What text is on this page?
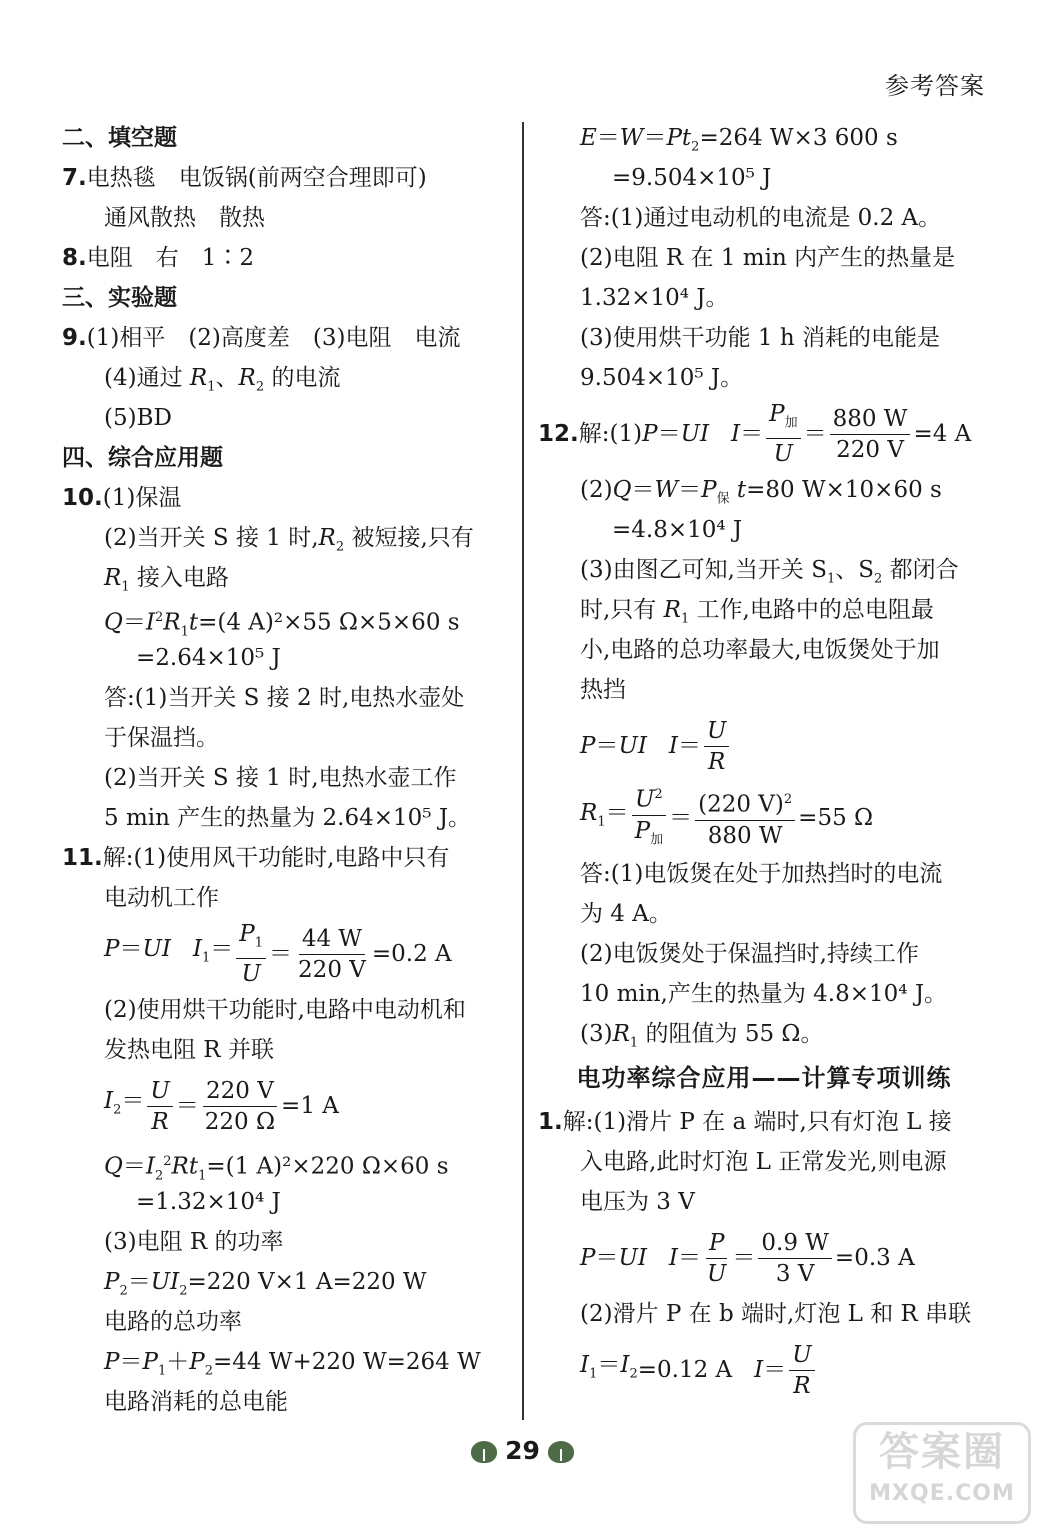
参考答案
二、填空题
7.电热毯　电饭锅(前两空合理即可)
通风散热　散热
8.电阻　右　1∶2
三、实验题
9.(1)相平　(2)高度差　(3)电阻　电流
(4)通过 $R_1$、$R_2$ 的电流
(5)BD
四、综合应用题
10.(1)保温
(2)当开关 S 接 1 时$,R_2$ 被短接,只有
$R_1$ 接入电路
$Q=I^2R_1t=(4$ A)²×55 Ω×5×60 s
=2.64×10⁵ J
答:(1)当开关 S 接 2 时,电热水壶处
于保温挡。
(2)当开关 S 接 1 时,电热水壶工作
5 min 产生的热量为 2.64×10⁵ J。
11.解:(1)使用风干功能时,电路中只有
电动机工作
P＝UI $I_1= \frac{P_1}{U} = \frac{44 W}{220 V} =0.2$ A
(2)使用烘干功能时,电路中电动机和
发热电阻 R 并联
$I_2= \frac{U}{R} = \frac{220 V}{220 \Omega} =1$ A
$Q=I_2^2Rt_1=(1$ A)²×220 Ω×60 s
=1.32×10⁴ J
(3)电阻 R 的功率
$P_2=UI_2=220$ V×1 A=220 W
电路的总功率
$P=P_1+P_2=44$ W+220 W=264 W
电路消耗的总电能
$E=W=Pt_2=264$ W×3 600 s
=9.504×10⁵ J
答:(1)通过电动机的电流是 0.2 A。
(2)电阻 R 在 1 min 内产生的热量是
1.32×10⁴ J。
(3)使用烘干功能 1 h 消耗的电能是
9.504×10⁵ J。
12. 解:(1) P＝UI $I= \frac{P_加}{U} = \frac{880 W}{220 V} =4$ A
$(2)Q=W=P_保$ t=80 W×10×60 s
=4.8×10⁴ J
(3)由图乙可知,当开关 $S_1$、$S_2$ 都闭合
时,只有 $R_1$ 工作,电路中的总电阻最
小,电路的总功率最大,电饭煲处于加
热挡
P＝UI $I= \frac{U}{R}$
$R_1= \frac{U^2}{P_加} = \frac{(220 V)^2}{880 W} =55$ Ω
答:(1)电饭煲在处于加热挡时的电流
为 4 A。
(2)电饭煲处于保温挡时,持续工作
10 min,产生的热量为 4.8×10⁴ J。
$(3)R_1$ 的阻值为 55 Ω。
电功率综合应用——计算专项训练
1.解:(1)滑片 P 在 a 端时,只有灯泡 L 接
入电路,此时灯泡 L 正常发光,则电源
电压为 3 V
P＝UI $I= \frac{P}{U} = \frac{0.9 W}{3 V} =0.3$ A
(2)滑片 P 在 b 端时,灯泡 L 和 R 串联
$I_1=I_2 =0.12$ A $I= \frac{U}{R}$
29	答案圈
MXQE.COM
